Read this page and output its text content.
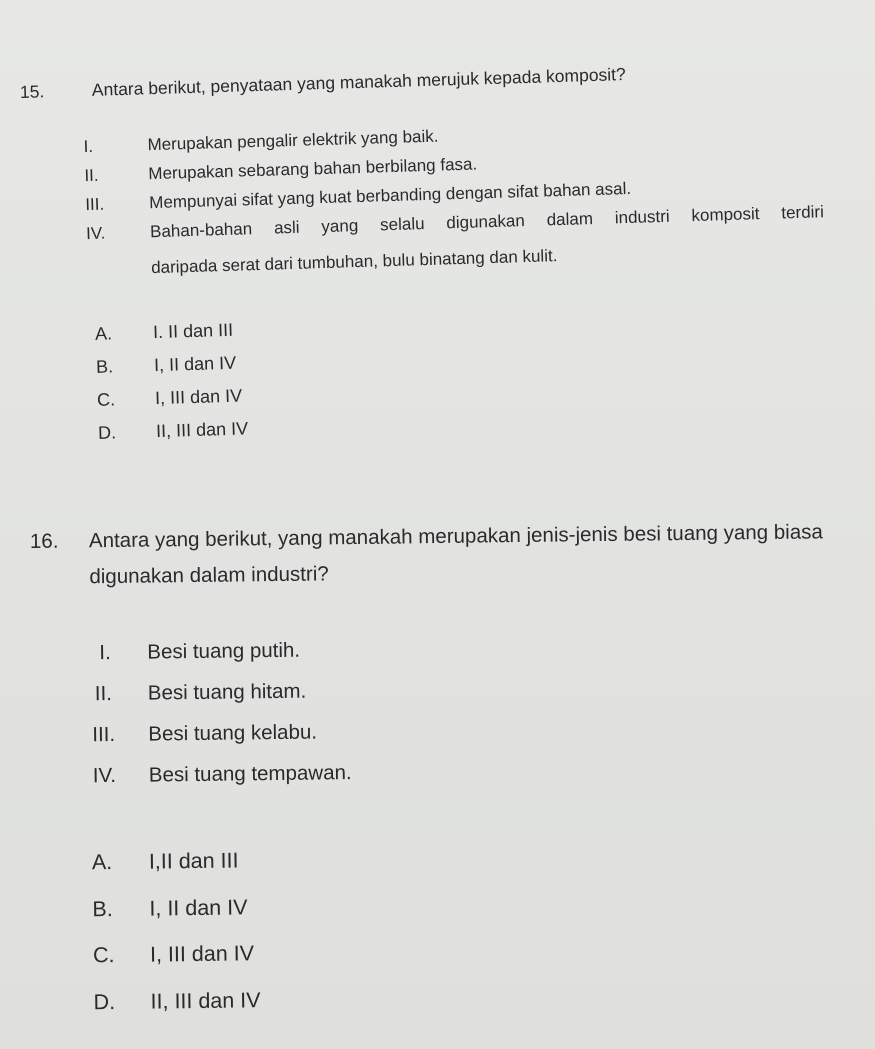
15.	Antara berikut, penyataan yang manakah merujuk kepada komposit?
I.	Merupakan pengalir elektrik yang baik.
II.	Merupakan sebarang bahan berbilang fasa.
III.	Mempunyai sifat yang kuat berbanding dengan sifat bahan asal.
IV.	Bahan-bahan asli yang selalu digunakan dalam industri komposit terdiri
daripada serat dari tumbuhan, bulu binatang dan kulit.
A. I. II dan III
B. I, II dan IV
C. I, III dan IV
D. II, III dan IV
16. Antara yang berikut, yang manakah merupakan jenis-jenis besi tuang yang biasa
digunakan dalam industri?
I. Besi tuang putih.
II. Besi tuang hitam.
III. Besi tuang kelabu.
IV. Besi tuang tempawan.
A. I,II dan III
B. I, II dan IV
C. I, III dan IV
D. II, III dan IV
